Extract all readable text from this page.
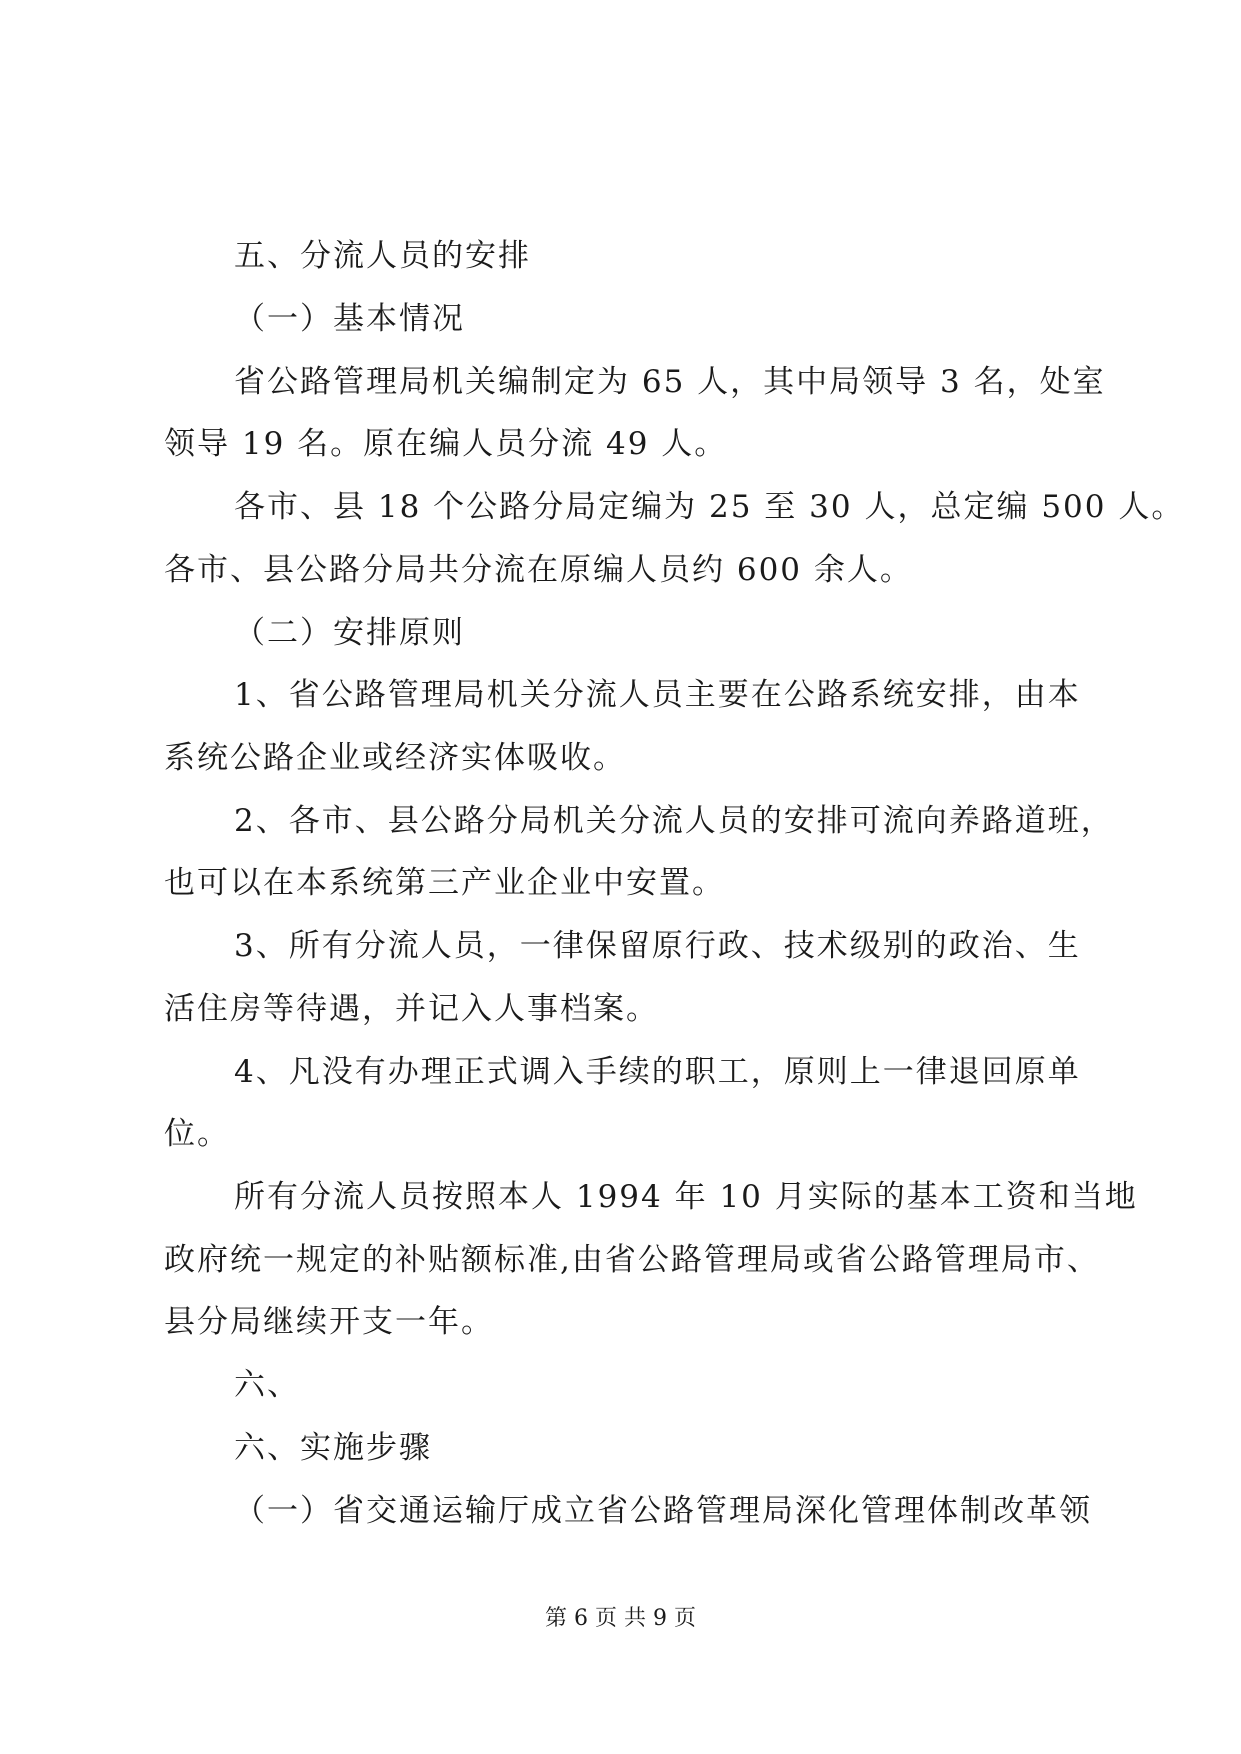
五、分流人员的安排
（一）基本情况
省公路管理局机关编制定为 65 人，其中局领导 3 名，处室
领导 19 名。原在编人员分流 49 人。
各市、县 18 个公路分局定编为 25 至 30 人，总定编 500 人。
各市、县公路分局共分流在原编人员约 600 余人。
（二）安排原则
1、省公路管理局机关分流人员主要在公路系统安排，由本
系统公路企业或经济实体吸收。
2、各市、县公路分局机关分流人员的安排可流向养路道班，
也可以在本系统第三产业企业中安置。
3、所有分流人员，一律保留原行政、技术级别的政治、生
活住房等待遇，并记入人事档案。
4、凡没有办理正式调入手续的职工，原则上一律退回原单
位。
所有分流人员按照本人 1994 年 10 月实际的基本工资和当地
政府统一规定的补贴额标准,由省公路管理局或省公路管理局市、
县分局继续开支一年。
六、
六、实施步骤
（一）省交通运输厅成立省公路管理局深化管理体制改革领
第 6 页 共 9 页
